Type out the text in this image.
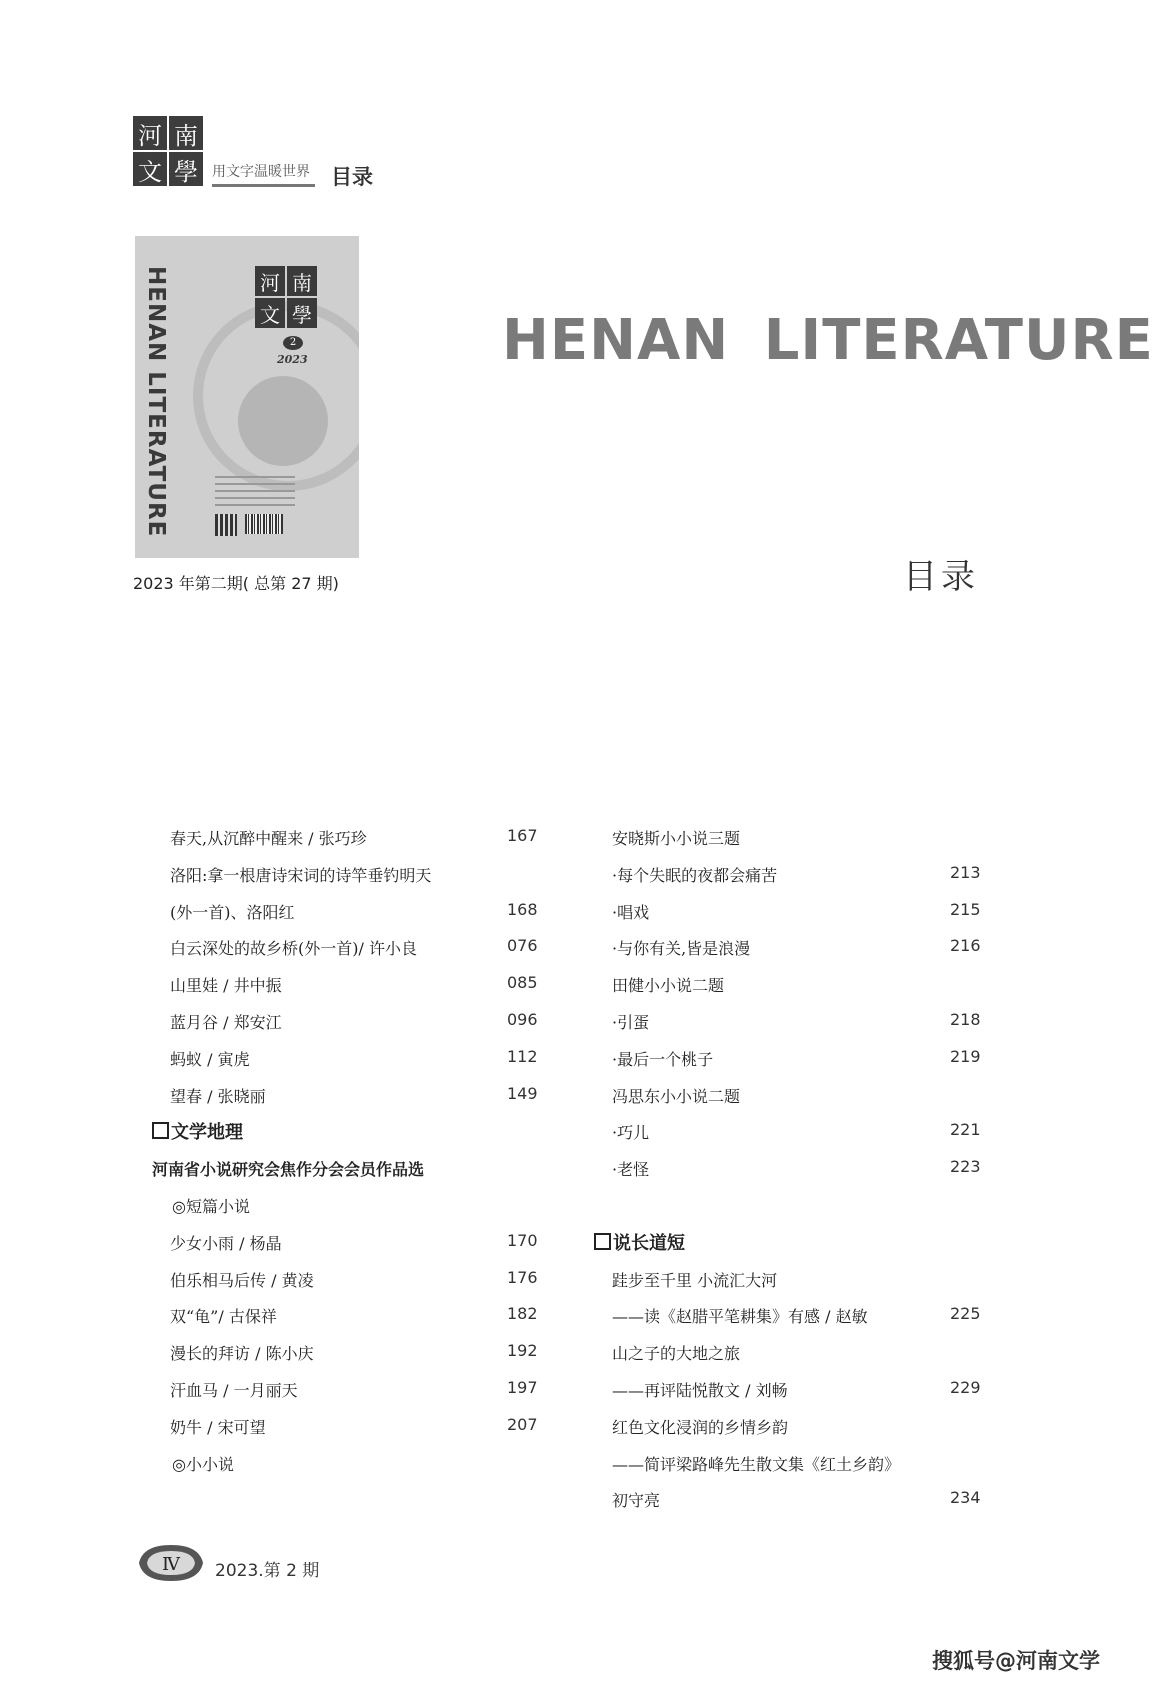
河 南
文 學	用文字温暖世界 目录
HENAN LITERATURE	河 南
文 學
2
2023
2023 年第二期( 总第 27 期)
HENAN LITERATURE
目录
春天,从沉醉中醒来 / 张巧珍	167
洛阳:拿一根唐诗宋词的诗竿垂钓明天
(外一首)、洛阳红	168
白云深处的故乡桥(外一首)/ 许小良	076
山里娃 / 井中振	085
蓝月谷 / 郑安江	096
蚂蚁 / 寅虎	112
望春 / 张晓丽	149
文学地理
河南省小说研究会焦作分会会员作品选
◎短篇小说
少女小雨 / 杨晶	170
伯乐相马后传 / 黄凌	176
双“龟”/ 古保祥	182
漫长的拜访 / 陈小庆	192
汗血马 / 一月丽天	197
奶牛 / 宋可望	207
◎小小说
安晓斯小小说三题
·每个失眠的夜都会痛苦	213
·唱戏	215
·与你有关,皆是浪漫	216
田健小小说二题
·引蛋	218
·最后一个桃子	219
冯思东小小说二题
·巧儿	221
·老怪	223
说长道短
跬步至千里 小流汇大河
——读《赵腊平笔耕集》有感 / 赵敏	225
山之子的大地之旅
——再评陆悦散文 / 刘畅	229
红色文化浸润的乡情乡韵
——简评梁路峰先生散文集《红土乡韵》
初守亮	234
Ⅳ 2023.第 2 期
搜狐号@河南文学
